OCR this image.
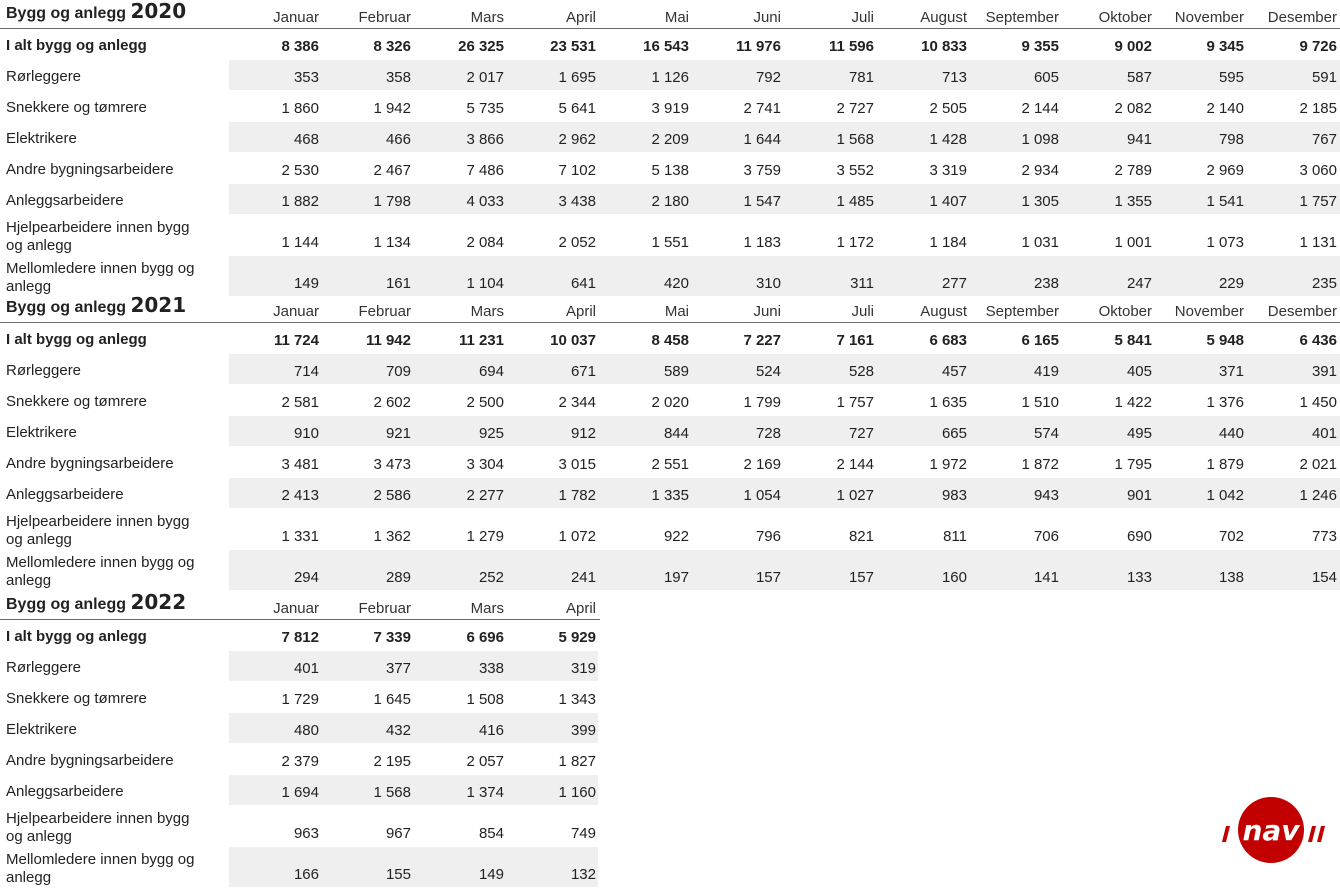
Bygg og anlegg 2020	Januar	Februar	Mars	April	Mai	Juni	Juli	August	September	Oktober	November	Desember
I alt bygg og anlegg	8 386	8 326	26 325	23 531	16 543	11 976	11 596	10 833	9 355	9 002	9 345	9 726
Rørleggere	353	358	2 017	1 695	1 126	792	781	713	605	587	595	591
Snekkere og tømrere	1 860	1 942	5 735	5 641	3 919	2 741	2 727	2 505	2 144	2 082	2 140	2 185
Elektrikere	468	466	3 866	2 962	2 209	1 644	1 568	1 428	1 098	941	798	767
Andre bygningsarbeidere	2 530	2 467	7 486	7 102	5 138	3 759	3 552	3 319	2 934	2 789	2 969	3 060
Anleggsarbeidere	1 882	1 798	4 033	3 438	2 180	1 547	1 485	1 407	1 305	1 355	1 541	1 757
Hjelpearbeidere innen bygg og anlegg	1 144	1 134	2 084	2 052	1 551	1 183	1 172	1 184	1 031	1 001	1 073	1 131
Mellomledere innen bygg og anlegg	149	161	1 104	641	420	310	311	277	238	247	229	235
Bygg og anlegg 2021	Januar	Februar	Mars	April	Mai	Juni	Juli	August	September	Oktober	November	Desember
I alt bygg og anlegg	11 724	11 942	11 231	10 037	8 458	7 227	7 161	6 683	6 165	5 841	5 948	6 436
Rørleggere	714	709	694	671	589	524	528	457	419	405	371	391
Snekkere og tømrere	2 581	2 602	2 500	2 344	2 020	1 799	1 757	1 635	1 510	1 422	1 376	1 450
Elektrikere	910	921	925	912	844	728	727	665	574	495	440	401
Andre bygningsarbeidere	3 481	3 473	3 304	3 015	2 551	2 169	2 144	1 972	1 872	1 795	1 879	2 021
Anleggsarbeidere	2 413	2 586	2 277	1 782	1 335	1 054	1 027	983	943	901	1 042	1 246
Hjelpearbeidere innen bygg og anlegg	1 331	1 362	1 279	1 072	922	796	821	811	706	690	702	773
Mellomledere innen bygg og anlegg	294	289	252	241	197	157	157	160	141	133	138	154
Bygg og anlegg 2022	Januar	Februar	Mars	April
I alt bygg og anlegg	7 812	7 339	6 696	5 929
Rørleggere	401	377	338	319
Snekkere og tømrere	1 729	1 645	1 508	1 343
Elektrikere	480	432	416	399
Andre bygningsarbeidere	2 379	2 195	2 057	1 827
Anleggsarbeidere	1 694	1 568	1 374	1 160
Hjelpearbeidere innen bygg og anlegg	963	967	854	749
Mellomledere innen bygg og anlegg	166	155	149	132
nav
